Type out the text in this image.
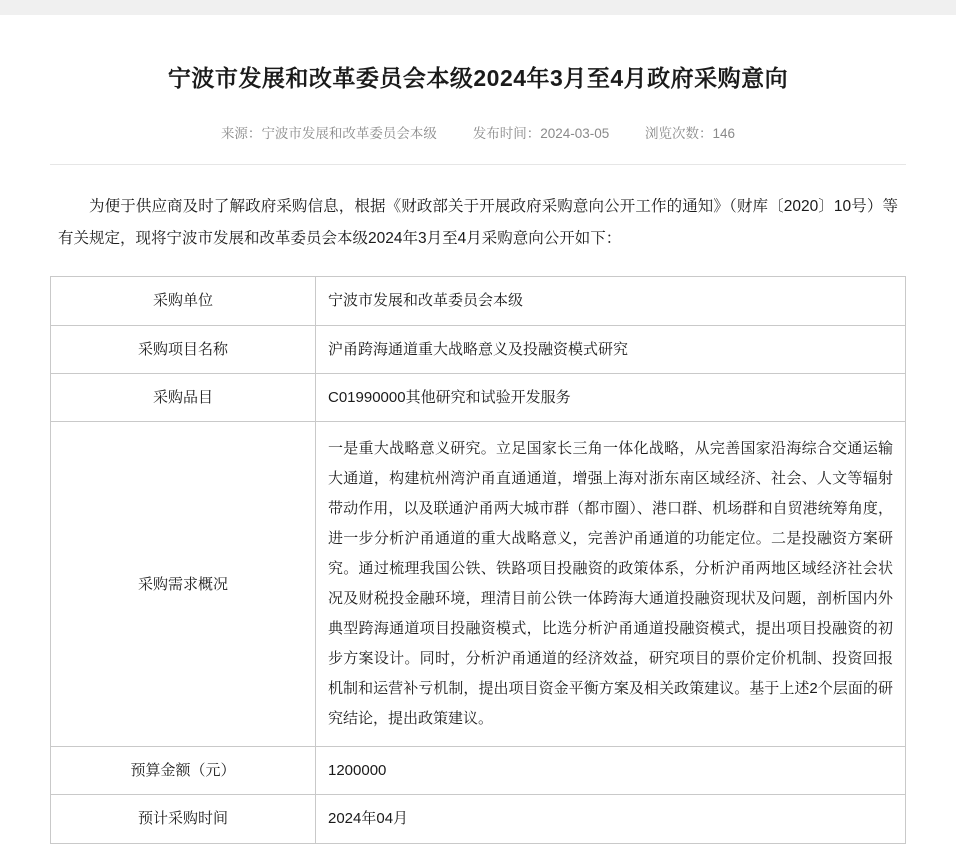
宁波市发展和改革委员会本级2024年3月至4月政府采购意向
来源：宁波市发展和改革委员会本级	发布时间：2024-03-05	浏览次数：146

为便于供应商及时了解政府采购信息，根据《财政部关于开展政府采购意向公开工作的通知》（财库〔2020〕10号）等有关规定，现将宁波市发展和改革委员会本级2024年3月至4月采购意向公开如下：

采购单位	宁波市发展和改革委员会本级
采购项目名称	沪甬跨海通道重大战略意义及投融资模式研究
采购品目	C01990000其他研究和试验开发服务
采购需求概况	一是重大战略意义研究。立足国家长三角一体化战略，从完善国家沿海综合交通运输大通道，构建杭州湾沪甬直通通道，增强上海对浙东南区域经济、社会、人文等辐射带动作用，以及联通沪甬两大城市群（都市圈）、港口群、机场群和自贸港统筹角度，进一步分析沪甬通道的重大战略意义，完善沪甬通道的功能定位。二是投融资方案研究。通过梳理我国公铁、铁路项目投融资的政策体系，分析沪甬两地区域经济社会状况及财税投金融环境，理清目前公铁一体跨海大通道投融资现状及问题，剖析国内外典型跨海通道项目投融资模式，比选分析沪甬通道投融资模式，提出项目投融资的初步方案设计。同时，分析沪甬通道的经济效益，研究项目的票价定价机制、投资回报机制和运营补亏机制，提出项目资金平衡方案及相关政策建议。基于上述2个层面的研究结论，提出政策建议。
预算金额（元）	1200000
预计采购时间	2024年04月
